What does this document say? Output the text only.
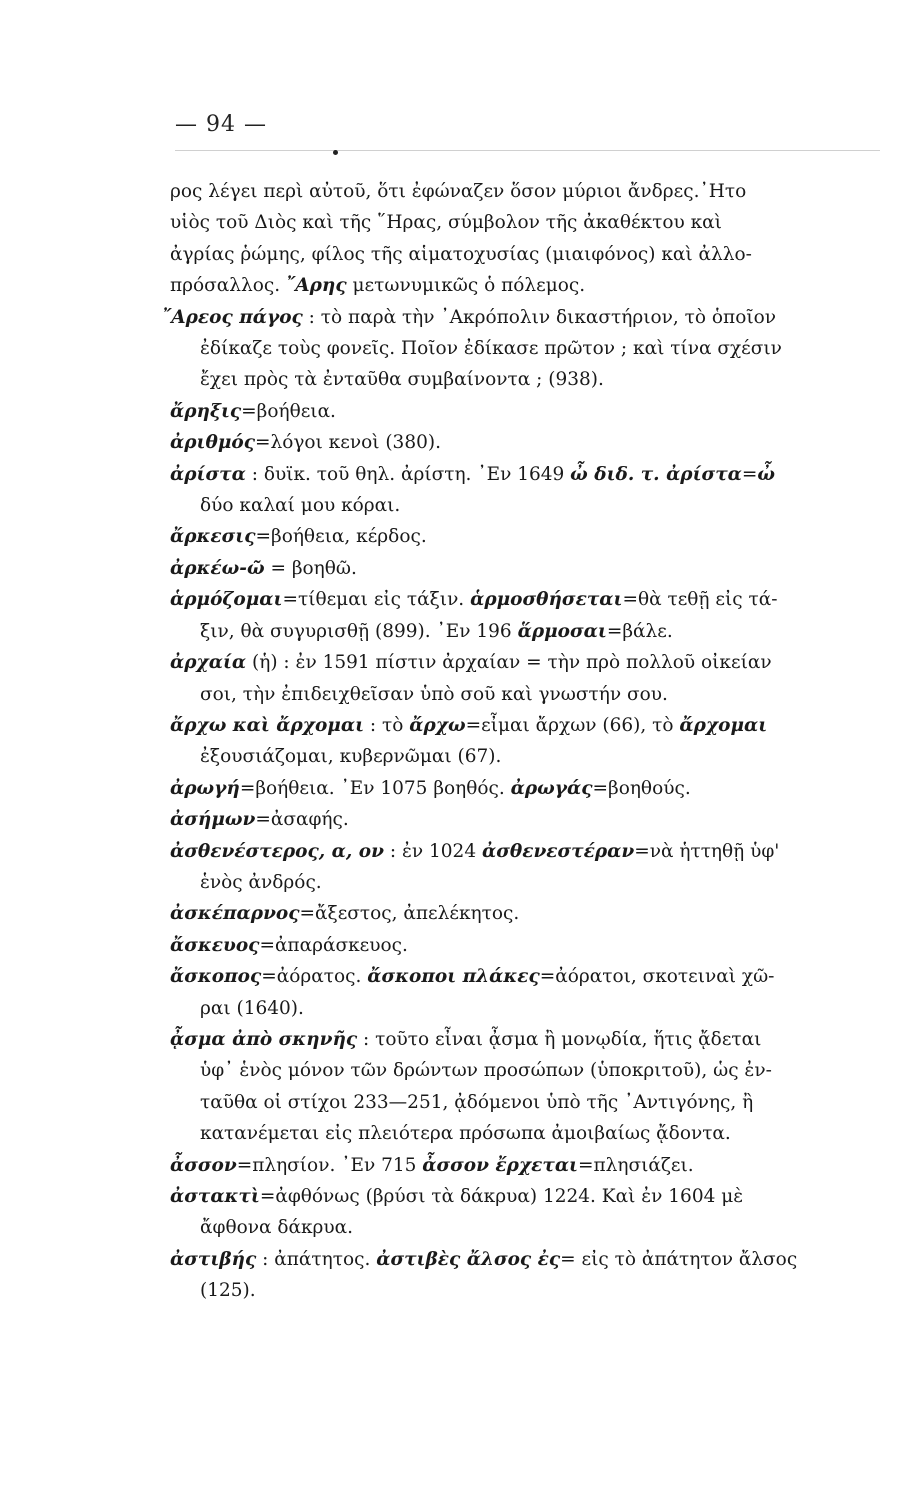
— 94 —
ρος λέγει περὶ αὐτοῦ, ὅτι ἐφώναζεν ὅσον μύριοι ἄνδρες.᾿Ητο
υἱὸς τοῦ Διὸς καὶ τῆς ῞Ηρας, σύμβολον τῆς ἀκαθέκτου καὶ
ἀγρίας ῥώμης, φίλος τῆς αἱματοχυσίας (μιαιφόνος) καὶ ἀλλο-
πρόσαλλος. ῎Αρης μετωνυμικῶς ὁ πόλεμος.
῎Αρεος πάγος : τὸ παρὰ τὴν ᾿Ακρόπολιν δικαστήριον, τὸ ὁποῖον
ἐδίκαζε τοὺς φονεῖς. Ποῖον ἐδίκασε πρῶτον ; καὶ τίνα σχέσιν
ἔχει πρὸς τὰ ἐνταῦθα συμβαίνοντα ; (938).
ἄρηξις=βοήθεια.
ἀριθμός=λόγοι κενοὶ (380).
ἀρίστα : δυϊκ. τοῦ θηλ. ἀρίστη. ᾿Εν 1649 ὦ διδ. τ. ἀρίστα=ὦ
δύο καλαί μου κόραι.
ἄρκεσις=βοήθεια, κέρδος.
ἀρκέω-ῶ = βοηθῶ.
ἁρμόζομαι=τίθεμαι εἰς τάξιν. ἁρμοσθήσεται=θὰ τεθῇ εἰς τά-
ξιν, θὰ συγυρισθῇ (899). ᾿Εν 196 ἅρμοσαι=βάλε.
ἀρχαία (ἡ) : ἐν 1591 πίστιν ἀρχαίαν = τὴν πρὸ πολλοῦ οἰκείαν
σοι, τὴν ἐπιδειχθεῖσαν ὑπὸ σοῦ καὶ γνωστήν σου.
ἄρχω καὶ ἄρχομαι : τὸ ἄρχω=εἶμαι ἄρχων (66), τὸ ἄρχομαι
ἐξουσιάζομαι, κυβερνῶμαι (67).
ἀρωγή=βοήθεια. ᾿Εν 1075 βοηθός. ἀρωγάς=βοηθούς.
ἀσήμων=ἀσαφής.
ἀσθενέστερος, α, ον : ἐν 1024 ἀσθενεστέραν=νὰ ἡττηθῇ ὑφ'
ἑνὸς ἀνδρός.
ἀσκέπαρνος=ἄξεστος, ἀπελέκητος.
ἄσκευος=ἀπαράσκευος.
ἄσκοπος=ἀόρατος. ἄσκοποι πλάκες=ἀόρατοι, σκοτειναὶ χῶ-
ραι (1640).
ᾆσμα ἀπὸ σκηνῆς : τοῦτο εἶναι ᾆσμα ἢ μονῳδία, ἥτις ᾄδεται
ὑφ᾿ ἑνὸς μόνον τῶν δρώντων προσώπων (ὑποκριτοῦ), ὡς ἐν-
ταῦθα οἱ στίχοι 233—251, ᾀδόμενοι ὑπὸ τῆς ᾿Αντιγόνης, ἢ
κατανέμεται εἰς πλειότερα πρόσωπα ἀμοιβαίως ᾄδοντα.
ἆσσον=πλησίον. ᾿Εν 715 ἆσσον ἔρχεται=πλησιάζει.
ἀστακτὶ=ἀφθόνως (βρύσι τὰ δάκρυα) 1224. Καὶ ἐν 1604 μὲ
ἄφθονα δάκρυα.
ἀστιβής : ἀπάτητος. ἀστιβὲς ἄλσος ἐς= εἰς τὸ ἀπάτητον ἄλσος
(125).
